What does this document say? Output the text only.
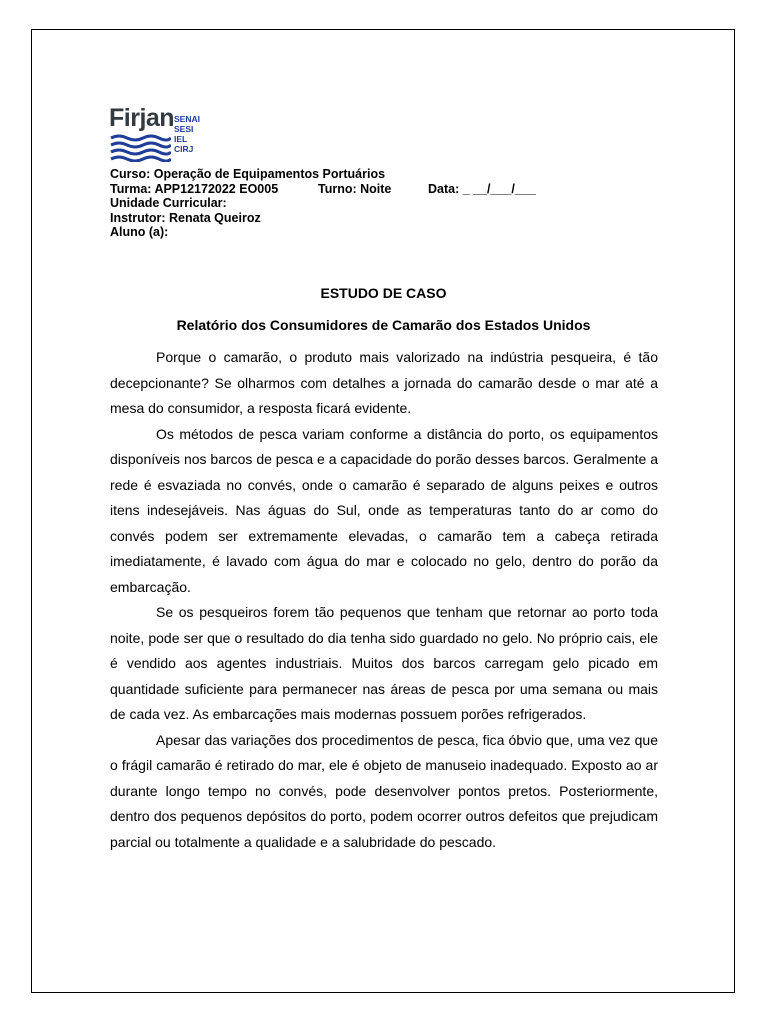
Firjan SENAI
SESI
IEL
CIRJ
Curso: Operação de Equipamentos Portuários
Turma: APP12172022 EO005	Turno: Noite	Data: _ __/___/___
Unidade Curricular:
Instrutor: Renata Queiroz
Aluno (a):
ESTUDO DE CASO
Relatório dos Consumidores de Camarão dos Estados Unidos

Porque o camarão, o produto mais valorizado na indústria pesqueira, é tão decepcionante? Se olharmos com detalhes a jornada do camarão desde o mar até a mesa do consumidor, a resposta ficará evidente.

Os métodos de pesca variam conforme a distância do porto, os equipamentos disponíveis nos barcos de pesca e a capacidade do porão desses barcos. Geralmente a rede é esvaziada no convés, onde o camarão é separado de alguns peixes e outros itens indesejáveis. Nas águas do Sul, onde as temperaturas tanto do ar como do convés podem ser extremamente elevadas, o camarão tem a cabeça retirada imediatamente, é lavado com água do mar e colocado no gelo, dentro do porão da embarcação.

Se os pesqueiros forem tão pequenos que tenham que retornar ao porto toda noite, pode ser que o resultado do dia tenha sido guardado no gelo. No próprio cais, ele é vendido aos agentes industriais. Muitos dos barcos carregam gelo picado em quantidade suficiente para permanecer nas áreas de pesca por uma semana ou mais de cada vez. As embarcações mais modernas possuem porões refrigerados.

Apesar das variações dos procedimentos de pesca, fica óbvio que, uma vez que o frágil camarão é retirado do mar, ele é objeto de manuseio inadequado. Exposto ao ar durante longo tempo no convés, pode desenvolver pontos pretos. Posteriormente, dentro dos pequenos depósitos do porto, podem ocorrer outros defeitos que prejudicam parcial ou totalmente a qualidade e a salubridade do pescado.
